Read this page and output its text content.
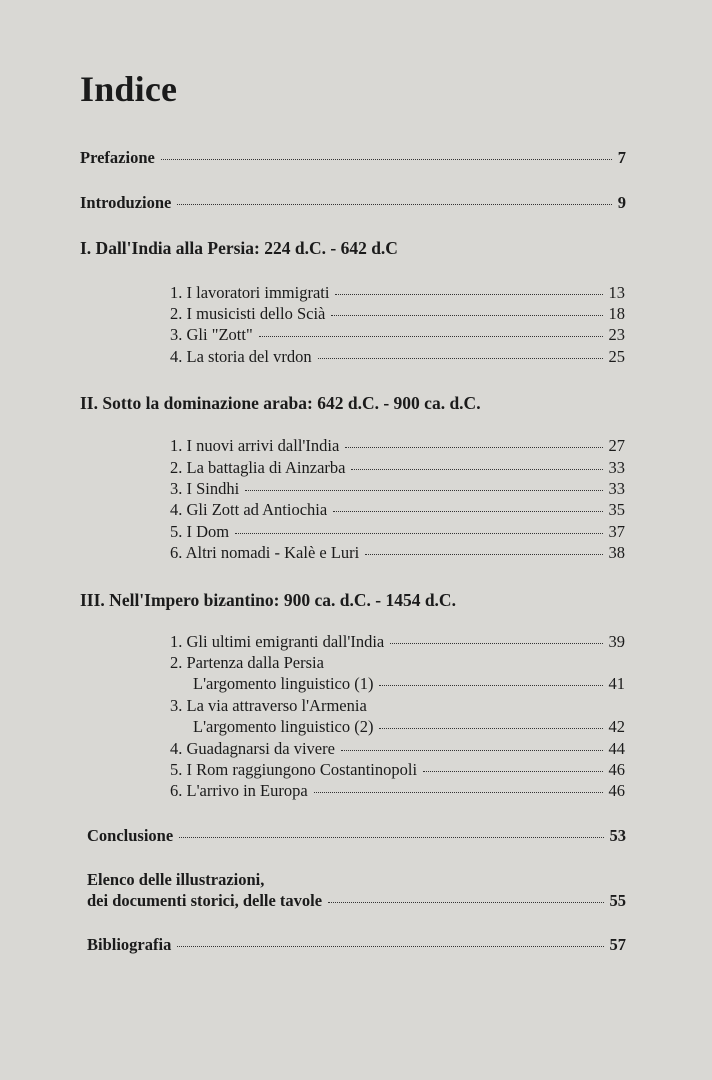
Indice
Prefazione	7
Introduzione	9
I. Dall'India alla Persia: 224 d.C. - 642 d.C
1. I lavoratori immigrati	13
2. I musicisti dello Scià	18
3. Gli "Zott"	23
4. La storia del vrdon	25
II. Sotto la dominazione araba: 642 d.C. - 900 ca. d.C.
1. I nuovi arrivi dall'India	27
2. La battaglia di Ainzarba	33
3. I Sindhi	33
4. Gli Zott ad Antiochia	35
5. I Dom	37
6. Altri nomadi - Kalè e Luri	38
III. Nell'Impero bizantino: 900 ca. d.C. - 1454 d.C.
1. Gli ultimi emigranti dall'India	39
2. Partenza dalla Persia
L'argomento linguistico (1)	41
3. La via attraverso l'Armenia
L'argomento linguistico (2)	42
4. Guadagnarsi da vivere	44
5. I Rom raggiungono Costantinopoli	46
6. L'arrivo in Europa	46
Conclusione	53
Elenco delle illustrazioni,
dei documenti storici, delle tavole	55
Bibliografia	57
